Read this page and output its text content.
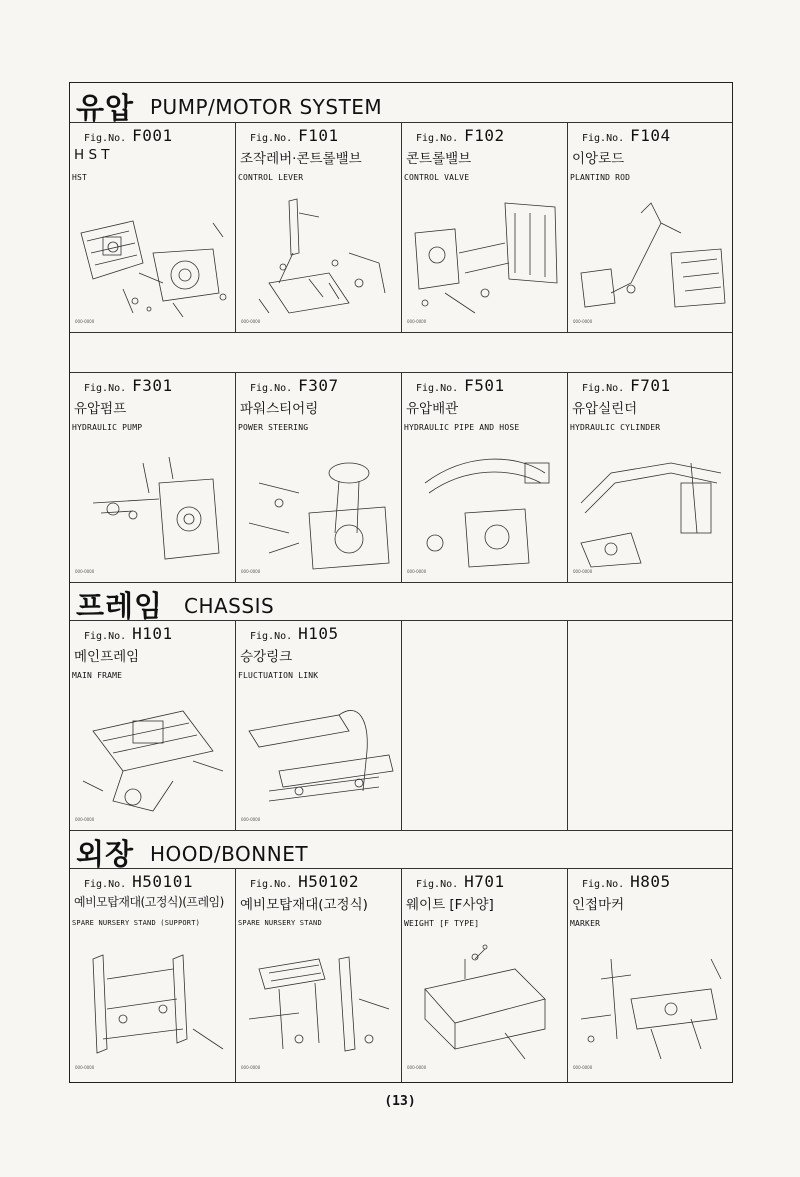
유압 PUMP/MOTOR SYSTEM
Fig.No. F001
H S T
HST
000-0000
Fig.No. F101
조작레버·콘트롤밸브
CONTROL LEVER
000-0000
Fig.No. F102
콘트롤밸브
CONTROL VALVE
000-0000
Fig.No. F104
이앙로드
PLANTIND ROD
000-0000
Fig.No. F301
유압펌프
HYDRAULIC PUMP
000-0000
Fig.No. F307
파워스티어링
POWER STEERING
000-0000
Fig.No. F501
유압배관
HYDRAULIC PIPE AND HOSE
000-0000
Fig.No. F701
유압실린더
HYDRAULIC CYLINDER
000-0000
프레임 CHASSIS
Fig.No. H101
메인프레임
MAIN FRAME
000-0000
Fig.No. H105
승강링크
FLUCTUATION LINK
000-0000
외장 HOOD/BONNET
Fig.No. H50101
예비모탑재대(고정식)(프레임)
SPARE NURSERY STAND (SUPPORT)
000-0000
Fig.No. H50102
예비모탑재대(고정식)
SPARE NURSERY STAND
000-0000
Fig.No. H701
웨이트 [F사양]
WEIGHT [F TYPE]
000-0000
Fig.No. H805
인접마커
MARKER
000-0000
(13)
